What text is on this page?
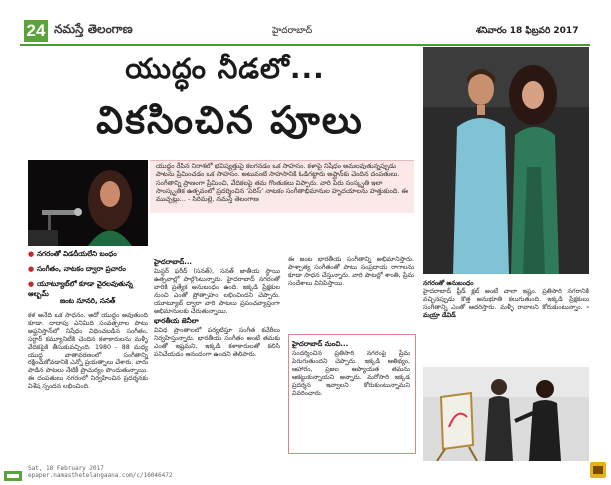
24 నమస్తే తెలంగాణ	హైదరాబాద్	శనివారం 18 ఫిబ్రవరి 2017
యుద్ధం నీడలో...
వికసించిన పూలు
యుద్ధం రేపిన నిరాశలో భవిష్యత్తుపై కలగనడం ఒక సాహసం. కళాపై నిషేధం అమలవుతున్నప్పుడు పాటను ప్రేమించడం ఒక సాహసం. అటువంటి సాహసానికి ఓడిగట్టారు అఫ్ఘాన్‌కు చెందిన దంపతులు. సంగీతాన్ని ప్రాణంగా ప్రేమించి, వేదికలపై తమ గొంతుకలు విప్పారు. వారి పేరు సంస్కృతి ఇలా సాంస్కృతిక ఉత్సవంలో ప్రదర్శించిన ‘పెరిస్’ నాటకం సంగీతాభిమానుల హృదయాలను హత్తుకుంది. ఈ ముచ్చట్లు... - సిరిమల్లె, నమస్తే తెలంగాణ
● నగరంతో విడదీయలేని బంధం
● సంగీతం, నాటకం ద్వారా ప్రచారం
● యూట్యూబ్‌లో కూడా వైరలవుతున్న ఆల్బమ్
జంట నూనరి, సనత్
కళ అనేది ఒక సాధనం. అదో యుద్ధం అవుతుంది కూడా. దాదాపు ఎనిమిది సంవత్సరాల పాటు అఫ్ఘనిస్తాన్‌లో నిషేధం విధించబడిన సంగీతం, సర్దార్ కమ్యూనిటీకి చెందిన కళాకారులను మళ్ళీ వేదికపైకి తీసుకువచ్చింది. 1980 - 88 మధ్య యుద్ధ వాతావరణంలో సంగీతాన్ని రక్షించుకోవడానికి ఎన్నో ప్రయత్నాలు చేశారు. వారు పాడిన పాటలు నేటికీ ప్రాచుర్యం పొందుతున్నాయి. ఈ దంపతులు నగరంలో నిర్వహించిన ప్రదర్శనకు విశేష స్పందన లభించింది.
హైదరాబాద్...
మిస్టర్ ఫరీద్ (సనత్), సనత్ జాతీయ స్థాయి ఉత్సవాల్లో పాల్గొంటున్నారు. హైదరాబాద్ నగరంతో వారికి ప్రత్యేక అనుబంధం ఉంది. ఇక్కడి ప్రేక్షకుల నుంచి ఎంతో ప్రోత్సాహం లభించిందని చెప్పారు. యూట్యూబ్ ద్వారా వారి పాటలు ప్రపంచవ్యాప్తంగా అభిమానులకు చేరుతున్నాయి.
భారతీయ జెనీలా
వివిధ ప్రాంతాలలో పర్యటిస్తూ సంగీత కచేరీలు నిర్వహిస్తున్నారు. భారతీయ సంగీతం అంటే తమకు ఎంతో ఇష్టమని, ఇక్కడి కళాకారులతో కలిసి పనిచేయడం ఆనందంగా ఉందని తెలిపారు.
ఈ జంట భారతీయ సంగీతాన్ని అభిమానిస్తారు. పాశ్చాత్య సంగీతంతో పాటు సంప్రదాయ రాగాలను కూడా సాధన చేస్తున్నారు. వారి పాటల్లో శాంతి, ప్రేమ సందేశాలు వినిపిస్తాయి.
హైదరాబాద్ నుంచి...
సందర్శించిన ప్రతిసారి నగరంపై ప్రేమ పెరుగుతుందని చెప్పారు. ఇక్కడి ఆతిథ్యం, ఆహారం, ప్రజల ఆప్యాయత తమను ఆకట్టుకున్నాయని అన్నారు. మరోసారి ఇక్కడ ప్రదర్శన ఇవ్వాలని కోరుకుంటున్నామని వివరించారు.
నగరంతో అనుబంధం
హైదరాబాద్ ఫ్రీడ్ క్లబ్ అంటే చాలా ఇష్టం. ప్రతిసారి నగరానికి వచ్చినప్పుడు కొత్త అనుభూతి కలుగుతుంది. ఇక్కడి ప్రేక్షకులు సంగీతాన్ని ఎంతో ఆదరిస్తారు. మళ్ళీ రావాలని కోరుకుంటున్నాం. - మయ్రా డేవిడ్
Sat, 18 February 2017
epaper.namasthetelangaana.com/c/16046472
